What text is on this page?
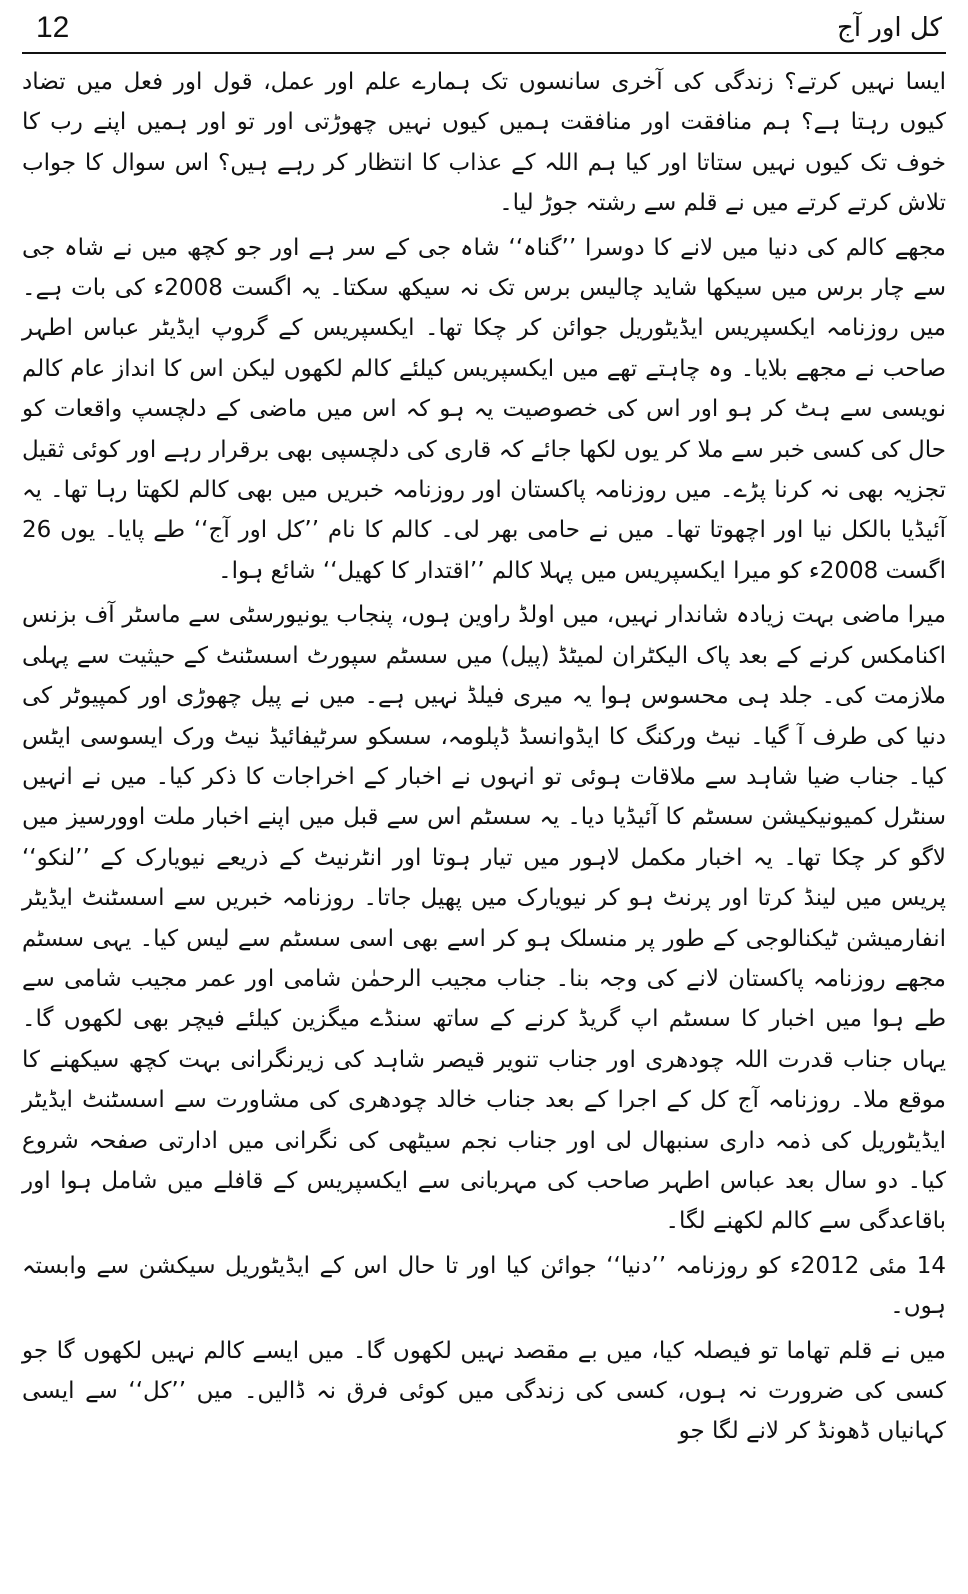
12	کل اور آج

ایسا نہیں کرتے؟ زندگی کی آخری سانسوں تک ہمارے علم اور عمل، قول اور فعل میں تضاد کیوں رہتا ہے؟ ہم منافقت اور منافقت ہمیں کیوں نہیں چھوڑتی اور تو اور ہمیں اپنے رب کا خوف تک کیوں نہیں ستاتا اور کیا ہم اللہ کے عذاب کا انتظار کر رہے ہیں؟ اس سوال کا جواب تلاش کرتے کرتے میں نے قلم سے رشتہ جوڑ لیا۔

مجھے کالم کی دنیا میں لانے کا دوسرا ’’گناہ‘‘ شاہ جی کے سر ہے اور جو کچھ میں نے شاہ جی سے چار برس میں سیکھا شاید چالیس برس تک نہ سیکھ سکتا۔ یہ اگست 2008ء کی بات ہے۔ میں روزنامہ ایکسپریس ایڈیٹوریل جوائن کر چکا تھا۔ ایکسپریس کے گروپ ایڈیٹر عباس اطہر صاحب نے مجھے بلایا۔ وہ چاہتے تھے میں ایکسپریس کیلئے کالم لکھوں لیکن اس کا انداز عام کالم نویسی سے ہٹ کر ہو اور اس کی خصوصیت یہ ہو کہ اس میں ماضی کے دلچسپ واقعات کو حال کی کسی خبر سے ملا کر یوں لکھا جائے کہ قاری کی دلچسپی بھی برقرار رہے اور کوئی ثقیل تجزیہ بھی نہ کرنا پڑے۔ میں روزنامہ پاکستان اور روزنامہ خبریں میں بھی کالم لکھتا رہا تھا۔ یہ آئیڈیا بالکل نیا اور اچھوتا تھا۔ میں نے حامی بھر لی۔ کالم کا نام ’’کل اور آج‘‘ طے پایا۔ یوں 26 اگست 2008ء کو میرا ایکسپریس میں پہلا کالم ’’اقتدار کا کھیل‘‘ شائع ہوا۔

میرا ماضی بہت زیادہ شاندار نہیں، میں اولڈ راوین ہوں، پنجاب یونیورسٹی سے ماسٹر آف بزنس اکنامکس کرنے کے بعد پاک الیکٹران لمیٹڈ (پیل) میں سسٹم سپورٹ اسسٹنٹ کے حیثیت سے پہلی ملازمت کی۔ جلد ہی محسوس ہوا یہ میری فیلڈ نہیں ہے۔ میں نے پیل چھوڑی اور کمپیوٹر کی دنیا کی طرف آ گیا۔ نیٹ ورکنگ کا ایڈوانسڈ ڈپلومہ، سسکو سرٹیفائیڈ نیٹ ورک ایسوسی ایٹس کیا۔ جناب ضیا شاہد سے ملاقات ہوئی تو انہوں نے اخبار کے اخراجات کا ذکر کیا۔ میں نے انہیں سنٹرل کمیونیکیشن سسٹم کا آئیڈیا دیا۔ یہ سسٹم اس سے قبل میں اپنے اخبار ملت اوورسیز میں لاگو کر چکا تھا۔ یہ اخبار مکمل لاہور میں تیار ہوتا اور انٹرنیٹ کے ذریعے نیویارک کے ’’لنکو‘‘ پریس میں لینڈ کرتا اور پرنٹ ہو کر نیویارک میں پھیل جاتا۔ روزنامہ خبریں سے اسسٹنٹ ایڈیٹر انفارمیشن ٹیکنالوجی کے طور پر منسلک ہو کر اسے بھی اسی سسٹم سے لیس کیا۔ یہی سسٹم مجھے روزنامہ پاکستان لانے کی وجہ بنا۔ جناب مجیب الرحمٰن شامی اور عمر مجیب شامی سے طے ہوا میں اخبار کا سسٹم اپ گریڈ کرنے کے ساتھ سنڈے میگزین کیلئے فیچر بھی لکھوں گا۔ یہاں جناب قدرت اللہ چودھری اور جناب تنویر قیصر شاہد کی زیرنگرانی بہت کچھ سیکھنے کا موقع ملا۔ روزنامہ آج کل کے اجرا کے بعد جناب خالد چودھری کی مشاورت سے اسسٹنٹ ایڈیٹر ایڈیٹوریل کی ذمہ داری سنبھال لی اور جناب نجم سیٹھی کی نگرانی میں ادارتی صفحہ شروع کیا۔ دو سال بعد عباس اطہر صاحب کی مہربانی سے ایکسپریس کے قافلے میں شامل ہوا اور باقاعدگی سے کالم لکھنے لگا۔

14 مئی 2012ء کو روزنامہ ’’دنیا‘‘ جوائن کیا اور تا حال اس کے ایڈیٹوریل سیکشن سے وابستہ ہوں۔

میں نے قلم تھاما تو فیصلہ کیا، میں بے مقصد نہیں لکھوں گا۔ میں ایسے کالم نہیں لکھوں گا جو کسی کی ضرورت نہ ہوں، کسی کی زندگی میں کوئی فرق نہ ڈالیں۔ میں ’’کل‘‘ سے ایسی کہانیاں ڈھونڈ کر لانے لگا جو
